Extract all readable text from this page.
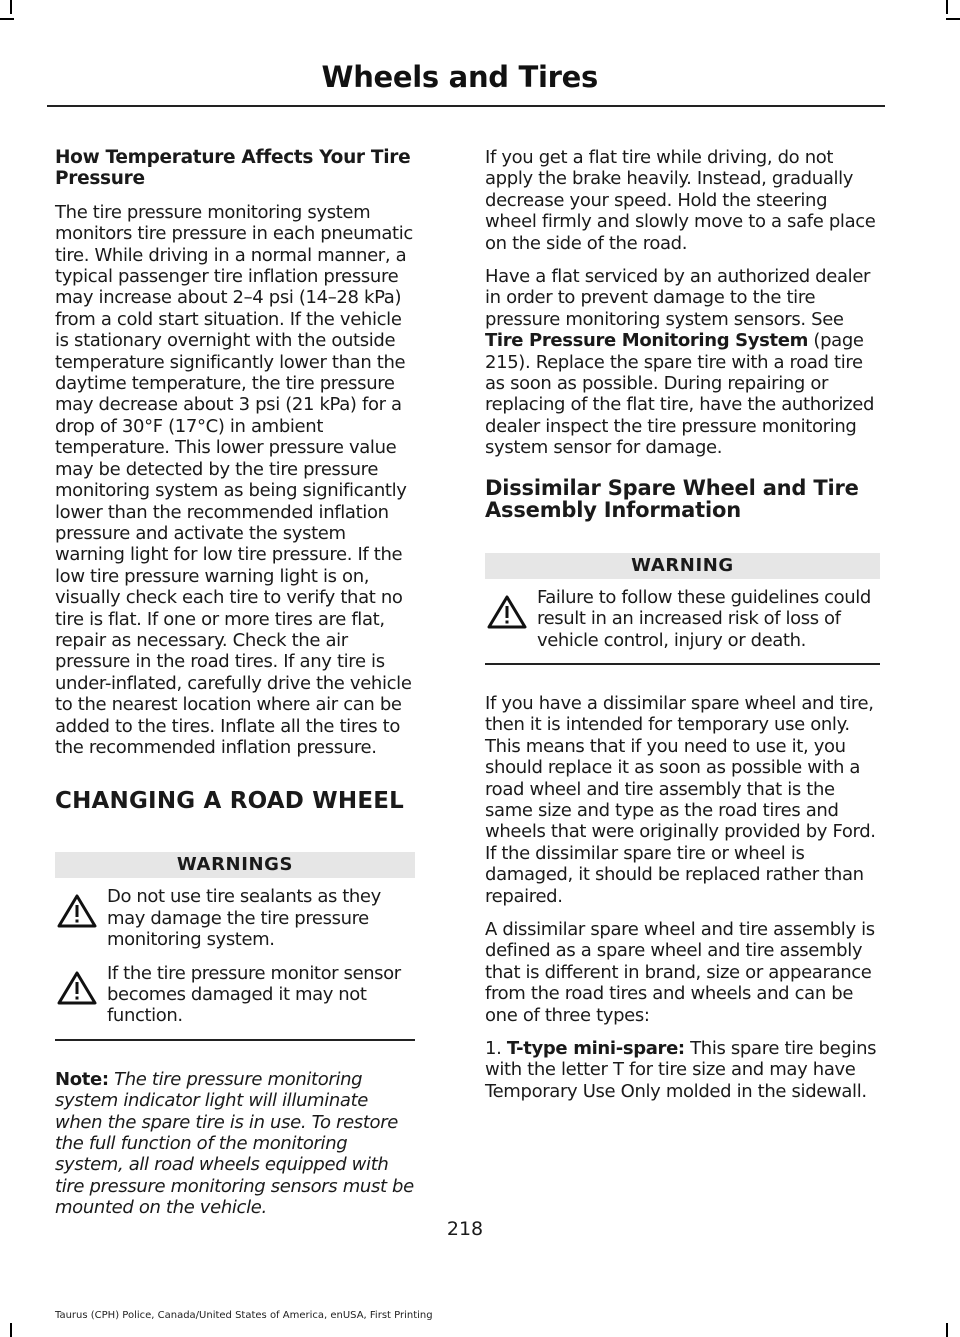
Wheels and Tires
How Temperature Affects Your Tire Pressure

The tire pressure monitoring system monitors tire pressure in each pneumatic tire. While driving in a normal manner, a typical passenger tire inflation pressure may increase about 2–4 psi (14–28 kPa) from a cold start situation. If the vehicle is stationary overnight with the outside temperature significantly lower than the daytime temperature, the tire pressure may decrease about 3 psi (21 kPa) for a drop of 30°F (17°C) in ambient temperature. This lower pressure value may be detected by the tire pressure monitoring system as being significantly lower than the recommended inflation pressure and activate the system warning light for low tire pressure. If the low tire pressure warning light is on, visually check each tire to verify that no tire is flat. If one or more tires are flat, repair as necessary. Check the air pressure in the road tires. If any tire is under-inflated, carefully drive the vehicle to the nearest location where air can be added to the tires. Inflate all the tires to the recommended inflation pressure.

CHANGING A ROAD WHEEL
WARNINGS
Do not use tire sealants as they may damage the tire pressure monitoring system.
If the tire pressure monitor sensor becomes damaged it may not function.

Note: The tire pressure monitoring system indicator light will illuminate when the spare tire is in use. To restore the full function of the monitoring system, all road wheels equipped with tire pressure monitoring sensors must be mounted on the vehicle.

If you get a flat tire while driving, do not apply the brake heavily. Instead, gradually decrease your speed. Hold the steering wheel firmly and slowly move to a safe place on the side of the road.

Have a flat serviced by an authorized dealer in order to prevent damage to the tire pressure monitoring system sensors. See Tire Pressure Monitoring System (page 215). Replace the spare tire with a road tire as soon as possible. During repairing or replacing of the flat tire, have the authorized dealer inspect the tire pressure monitoring system sensor for damage.

Dissimilar Spare Wheel and Tire Assembly Information
WARNING
Failure to follow these guidelines could result in an increased risk of loss of vehicle control, injury or death.

If you have a dissimilar spare wheel and tire, then it is intended for temporary use only. This means that if you need to use it, you should replace it as soon as possible with a road wheel and tire assembly that is the same size and type as the road tires and wheels that were originally provided by Ford. If the dissimilar spare tire or wheel is damaged, it should be replaced rather than repaired.

A dissimilar spare wheel and tire assembly is defined as a spare wheel and tire assembly that is different in brand, size or appearance from the road tires and wheels and can be one of three types:

1. T-type mini-spare: This spare tire begins with the letter T for tire size and may have Temporary Use Only molded in the sidewall.

218
Taurus (CPH) Police, Canada/United States of America, enUSA, First Printing
